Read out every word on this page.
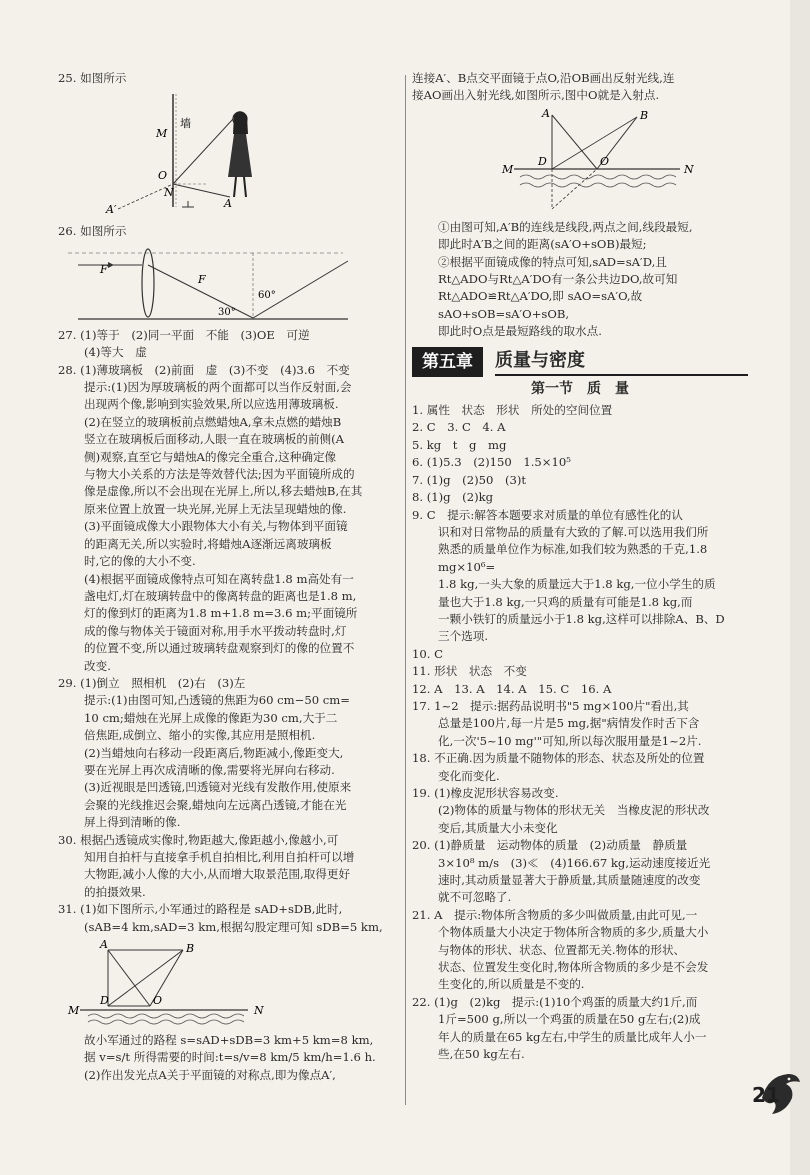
25. 如图所示

M
墙
O
N
A′	A

26. 如图所示

F
F
30°
60°

27. (1)等于　(2)同一平面　不能　(3)OE　可逆

(4)等大　虚

28. (1)薄玻璃板　(2)前面　虚　(3)不变　(4)3.6　不变

提示:(1)因为厚玻璃板的两个面都可以当作反射面,会

出现两个像,影响到实验效果,所以应选用薄玻璃板.

(2)在竖立的玻璃板前点燃蜡烛A,拿未点燃的蜡烛B

竖立在玻璃板后面移动,人眼一直在玻璃板的前侧(A

侧)观察,直至它与蜡烛A的像完全重合,这种确定像

与物大小关系的方法是等效替代法;因为平面镜所成的

像是虚像,所以不会出现在光屏上,所以,移去蜡烛B,在其

原来位置上放置一块光屏,光屏上无法呈现蜡烛的像.

(3)平面镜成像大小跟物体大小有关,与物体到平面镜

的距离无关,所以实验时,将蜡烛A逐渐远离玻璃板

时,它的像的大小不变.

(4)根据平面镜成像特点可知在离转盘1.8 m高处有一

盏电灯,灯在玻璃转盘中的像离转盘的距离也是1.8 m,

灯的像到灯的距离为1.8 m+1.8 m=3.6 m;平面镜所

成的像与物体关于镜面对称,用手水平拨动转盘时,灯

的位置不变,所以通过玻璃转盘观察到灯的像的位置不

改变.

29. (1)倒立　照相机　(2)右　(3)左

提示:(1)由图可知,凸透镜的焦距为60 cm−50 cm=

10 cm;蜡烛在光屏上成像的像距为30 cm,大于二

倍焦距,成倒立、缩小的实像,其应用是照相机.

(2)当蜡烛向右移动一段距离后,物距减小,像距变大,

要在光屏上再次成清晰的像,需要将光屏向右移动.

(3)近视眼是凹透镜,凹透镜对光线有发散作用,使原来

会聚的光线推迟会聚,蜡烛向左远离凸透镜,才能在光

屏上得到清晰的像.

30. 根据凸透镜成实像时,物距越大,像距越小,像越小,可

知用自拍杆与直接拿手机自拍相比,利用自拍杆可以增

大物距,减小人像的大小,从而增大取景范围,取得更好

的拍摄效果.

31. (1)如下图所示,小军通过的路程是 sAD+sDB,此时,

(sAB=4 km,sAD=3 km,根据勾股定理可知 sDB=5 km,

A	B
M
D	O
N

故小军通过的路程 s=sAD+sDB=3 km+5 km=8 km,

据 v=s/t 所得需要的时间:t=s/v=8 km/5 km/h=1.6 h.

(2)作出发光点A关于平面镜的对称点,即为像点A′,

连接A′、B点交平面镜于点O,沿OB画出反射光线,连

接AO画出入射光线,如图所示,图中O就是入射点.

A	B
M
D	O
N

①由图可知,A′B的连线是线段,两点之间,线段最短,

即此时A′B之间的距离(sA′O+sOB)最短;

②根据平面镜成像的特点可知,sAD=sA′D,且

Rt△ADO与Rt△A′DO有一条公共边DO,故可知

Rt△ADO≌Rt△A′DO,即 sAO=sA′O,故sAO+sOB=sA′O+sOB,

即此时O点是最短路线的取水点.

第五章	质量与密度
第一节　质　量

1. 属性　状态　形状　所处的空间位置

2. C　3. C　4. A

5. kg　t　g　mg

6. (1)5.3　(2)150　1.5×10⁵

7. (1)g　(2)50　(3)t

8. (1)g　(2)kg

9. C　提示:解答本题要求对质量的单位有感性化的认

识和对日常物品的质量有大致的了解.可以选用我们所

熟悉的质量单位作为标准,如我们较为熟悉的千克,1.8 mg×10⁶=

1.8 kg,一头大象的质量远大于1.8 kg,一位小学生的质

量也大于1.8 kg,一只鸡的质量有可能是1.8 kg,而

一颗小铁钉的质量远小于1.8 kg,这样可以排除A、B、D

三个选项.

10. C

11. 形状　状态　不变

12. A　13. A　14. A　15. C　16. A

17. 1~2　提示:据药品说明书"5 mg×100片"看出,其

总量是100片,每一片是5 mg,据"病情发作时舌下含

化,一次'5~10 mg'"可知,所以每次服用量是1~2片.

18. 不正确.因为质量不随物体的形态、状态及所处的位置

变化而变化.

19. (1)橡皮泥形状容易改变.

(2)物体的质量与物体的形状无关　当橡皮泥的形状改

变后,其质量大小未变化

20. (1)静质量　运动物体的质量　(2)动质量　静质量

3×10⁸ m/s　(3)≪　(4)166.67 kg,运动速度接近光

速时,其动质量显著大于静质量,其质量随速度的改变

就不可忽略了.

21. A　提示:物体所含物质的多少叫做质量,由此可见,一

个物体质量大小决定于物体所含物质的多少,质量大小

与物体的形状、状态、位置都无关.物体的形状、

状态、位置发生变化时,物体所含物质的多少是不会发

生变化的,所以质量是不变的.

22. (1)g　(2)kg　提示:(1)10个鸡蛋的质量大约1斤,而

1斤=500 g,所以一个鸡蛋的质量在50 g左右;(2)成

年人的质量在65 kg左右,中学生的质量比成年人小一

些,在50 kg左右.

21
